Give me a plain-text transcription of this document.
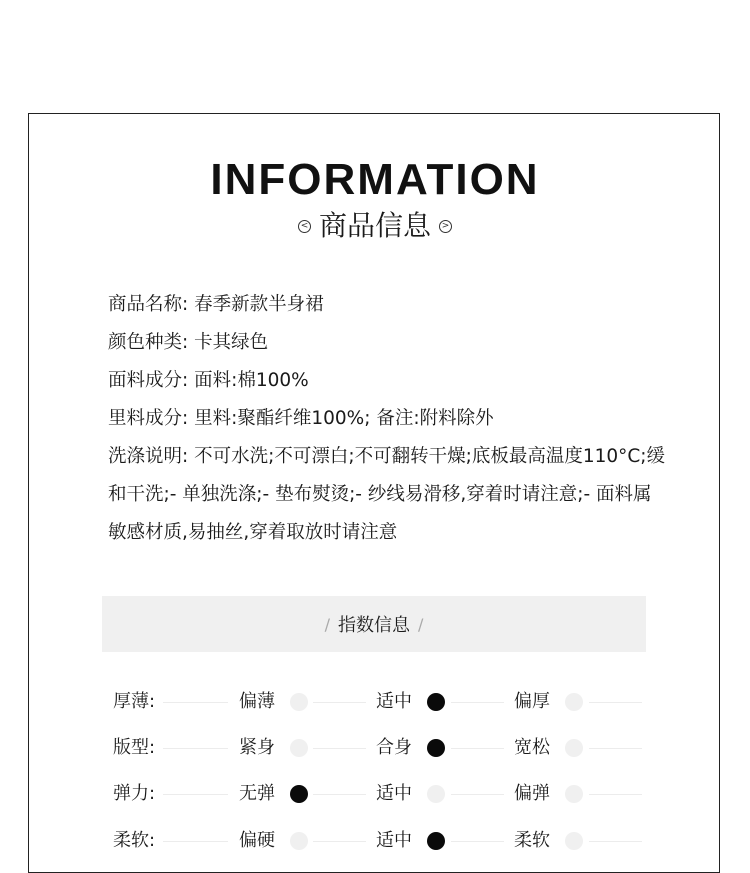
INFORMATION
< 商品信息	>
商品名称: 春季新款半身裙
颜色种类: 卡其绿色
面料成分: 面料:棉100%
里料成分: 里料:聚酯纤维100%; 备注:附料除外
洗涤说明: 不可水洗;不可漂白;不可翻转干燥;底板最高温度110°C;缓和干洗;- 单独洗涤;- 垫布熨烫;- 纱线易滑移,穿着时请注意;- 面料属敏感材质,易抽丝,穿着取放时请注意
/ 指数信息 /
厚薄:	偏薄	适中	偏厚
版型:	紧身	合身	宽松
弹力:	无弹	适中	偏弹
柔软:	偏硬	适中	柔软
